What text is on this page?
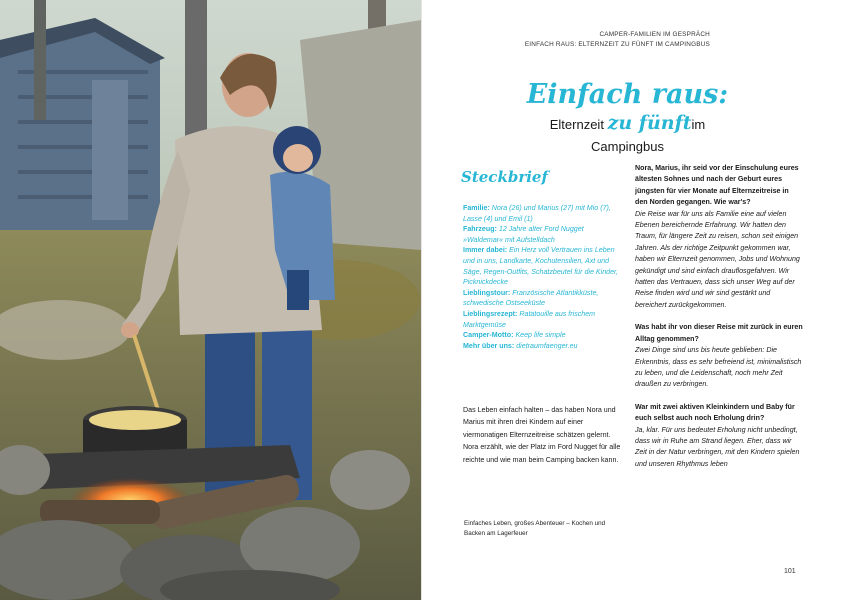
CAMPER-FAMILIEN IM GESPRÄCH
EINFACH RAUS: ELTERNZEIT ZU FÜNFT IM CAMPINGBUS
Einfach raus:
Elternzeit zu fünftim Campingbus
Steckbrief

Familie: Nora (26) und Marius (27) mit Mio (7), Lasse (4) und Emil (1)

Fahrzeug: 12 Jahre alter Ford Nugget »Waldemar« mit Aufstelldach

Immer dabei: Ein Herz voll Vertrauen ins Leben und in uns, Landkarte, Kochutensilien, Axt und Säge, Regen-Outfits, Schatzbeutel für die Kinder, Picknickdecke

Lieblingstour: Französische Atlantikküste, schwedische Ostseeküste

Lieblingsrezept: Ratatouille aus frischem Marktgemüse

Camper-Motto: Keep life simple

Mehr über uns: dietraumfaenger.eu

Das Leben einfach halten – das haben Nora und Marius mit ihren drei Kindern auf einer viermonatigen Elternzeitreise schätzen gelernt. Nora erzählt, wie der Platz im Ford Nugget für alle reichte und wie man beim Camping backen kann.
Einfaches Leben, großes Abenteuer – Kochen und Backen am Lagerfeuer

Nora, Marius, ihr seid vor der Einschulung eures ältesten Sohnes und nach der Geburt eures jüngsten für vier Monate auf Elternzeitreise in den Norden gegangen. Wie war's?

Die Reise war für uns als Familie eine auf vielen Ebenen bereichernde Erfahrung. Wir hatten den Traum, für längere Zeit zu reisen, schon seit einigen Jahren. Als der richtige Zeitpunkt gekommen war, haben wir Elternzeit genommen, Jobs und Wohnung gekündigt und sind einfach drauflosgefahren. Wir hatten das Vertrauen, dass sich unser Weg auf der Reise finden wird und wir sind gestärkt und bereichert zurückgekommen.

Was habt ihr von dieser Reise mit zurück in euren Alltag genommen?

Zwei Dinge sind uns bis heute geblieben: Die Erkenntnis, dass es sehr befreiend ist, minimalistisch zu leben, und die Leidenschaft, noch mehr Zeit draußen zu verbringen.

War mit zwei aktiven Kleinkindern und Baby für euch selbst auch noch Erholung drin?

Ja, klar. Für uns bedeutet Erholung nicht unbedingt, dass wir in Ruhe am Strand liegen. Eher, dass wir Zeit in der Natur verbringen, mit den Kindern spielen und unseren Rhythmus leben

101
